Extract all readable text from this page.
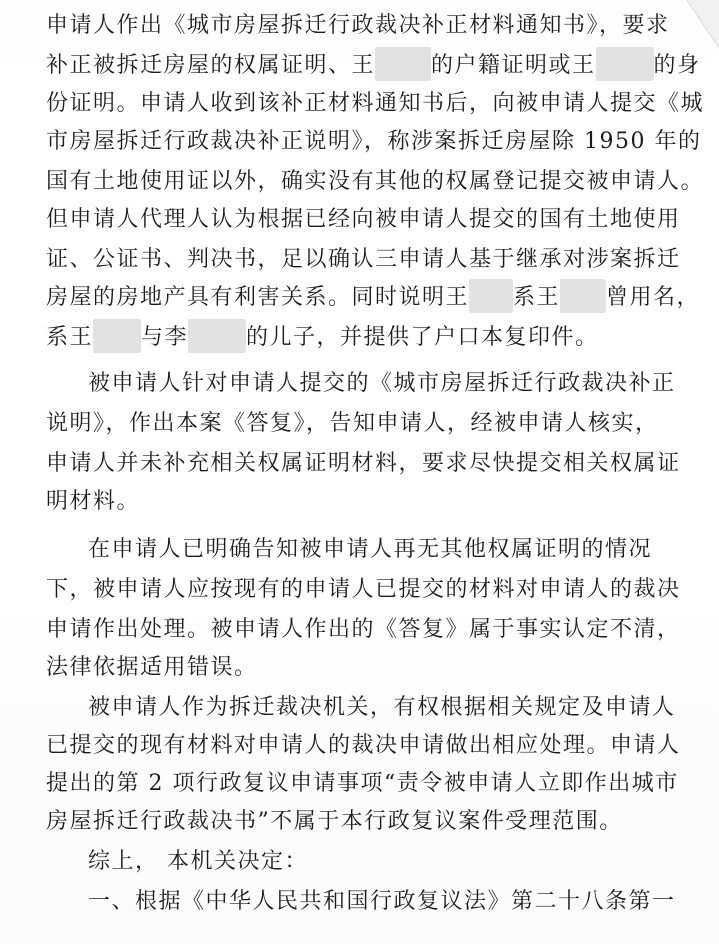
申请人作出《城市房屋拆迁行政裁决补正材料通知书》，要求
补正被拆迁房屋的权属证明、王	的户籍证明或王	的身
份证明。申请人收到该补正材料通知书后，向被申请人提交《城
市房屋拆迁行政裁决补正说明》，称涉案拆迁房屋除 1950 年的
国有土地使用证以外，确实没有其他的权属登记提交被申请人。
但申请人代理人认为根据已经向被申请人提交的国有土地使用
证、公证书、判决书，足以确认三申请人基于继承对涉案拆迁
房屋的房地产具有利害关系。同时说明王 系王 曾用名，
系王 与李	的儿子，并提供了户口本复印件。
被申请人针对申请人提交的《城市房屋拆迁行政裁决补正
说明》，作出本案《答复》，告知申请人，经被申请人核实，
申请人并未补充相关权属证明材料，要求尽快提交相关权属证
明材料。
在申请人已明确告知被申请人再无其他权属证明的情况
下，被申请人应按现有的申请人已提交的材料对申请人的裁决
申请作出处理。被申请人作出的《答复》属于事实认定不清，
法律依据适用错误。
被申请人作为拆迁裁决机关，有权根据相关规定及申请人
已提交的现有材料对申请人的裁决申请做出相应处理。申请人
提出的第 2 项行政复议申请事项“责令被申请人立即作出城市
房屋拆迁行政裁决书”不属于本行政复议案件受理范围。
综上， 本机关决定：
一、根据《中华人民共和国行政复议法》第二十八条第一
